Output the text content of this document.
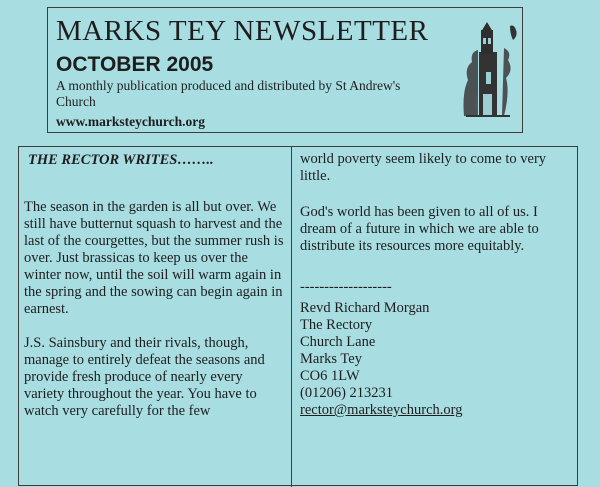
MARKS TEY NEWSLETTER
OCTOBER 2005
A monthly publication produced and distributed by St Andrew's Church
www.marksteychurch.org

THE RECTOR WRITES……..

The season in the garden is all but over. We still have butternut squash to harvest and the last of the courgettes, but the summer rush is over. Just brassicas to keep us over the winter now, until the soil will warm again in the spring and the sowing can begin again in earnest.

J.S. Sainsbury and their rivals, though, manage to entirely defeat the seasons and provide fresh produce of nearly every variety throughout the year. You have to watch very carefully for the few

world poverty seem likely to come to very little.

God's world has been given to all of us. I dream of a future in which we are able to distribute its resources more equitably.

-------------------

Revd Richard Morgan

The Rectory

Church Lane

Marks Tey

CO6 1LW

(01206) 213231

rector@marksteychurch.org
